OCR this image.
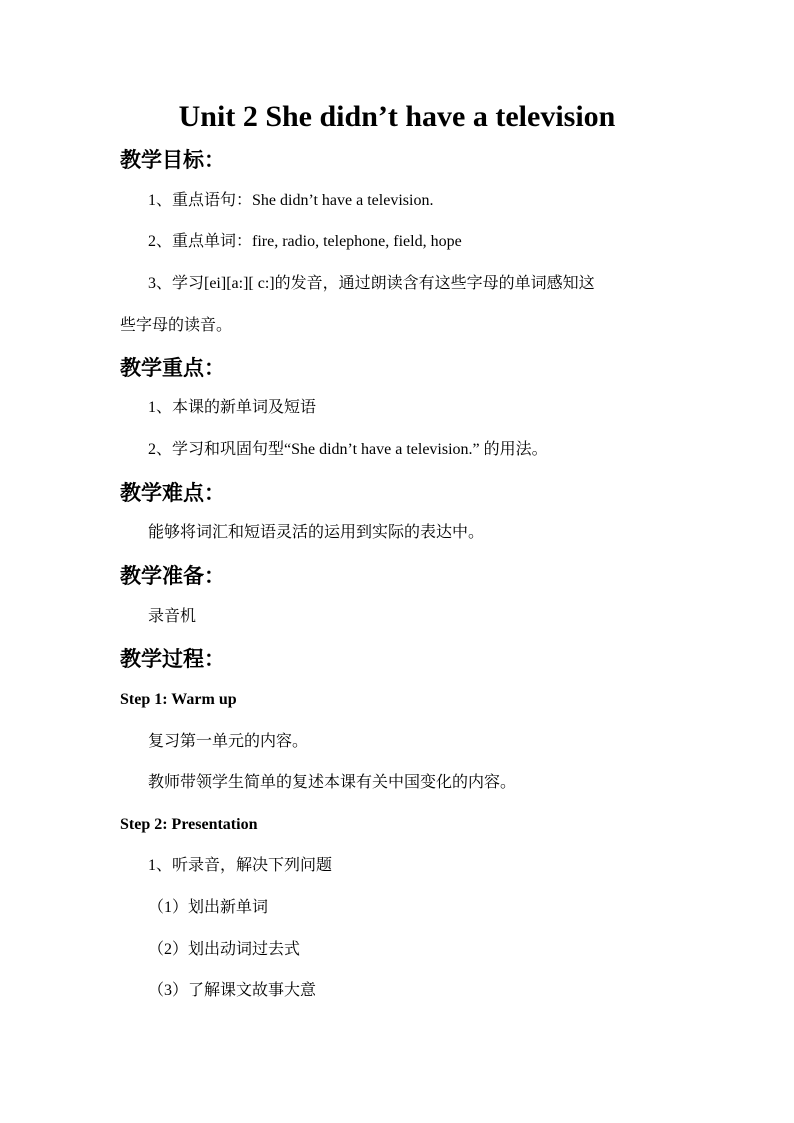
Unit 2 She didn’t have a television
教学目标：

1、重点语句：She didn’t have a television.

2、重点单词：fire, radio, telephone, field, hope

3、学习[ei][a:][ c:]的发音，通过朗读含有这些字母的单词感知这

些字母的读音。

教学重点：

1、本课的新单词及短语

2、学习和巩固句型“She didn’t have a television.” 的用法。

教学难点：

能够将词汇和短语灵活的运用到实际的表达中。

教学准备：

录音机

教学过程：

Step 1: Warm up

复习第一单元的内容。

教师带领学生简单的复述本课有关中国变化的内容。

Step 2: Presentation

1、听录音，解决下列问题

（1）划出新单词

（2）划出动词过去式

（3）了解课文故事大意
